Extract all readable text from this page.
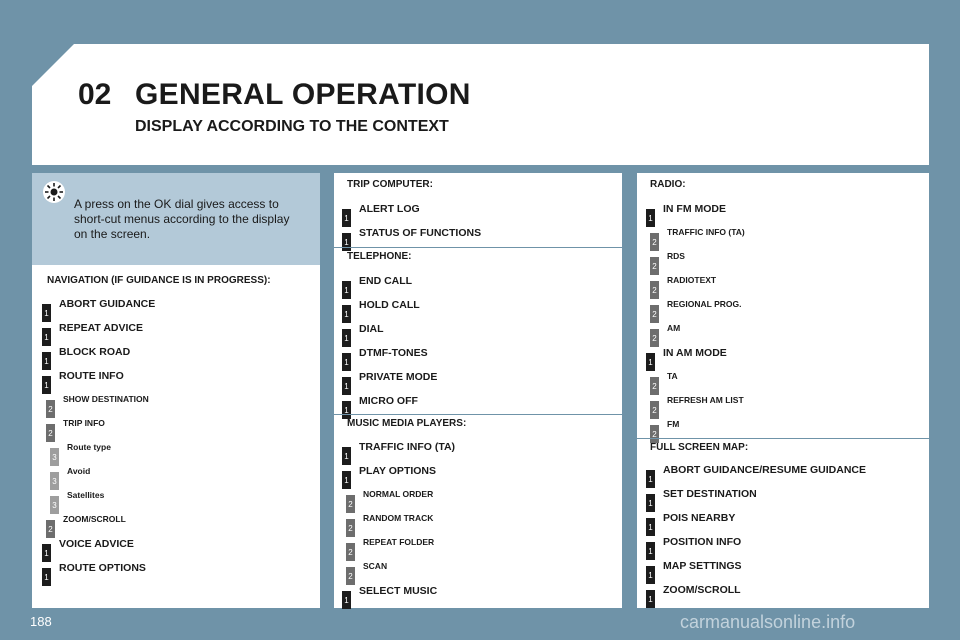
02 GENERAL OPERATION
DISPLAY ACCORDING TO THE CONTEXT
A press on the OK dial gives access to short-cut menus according to the display on the screen.
NAVIGATION (IF GUIDANCE IS IN PROGRESS):
1
ABORT GUIDANCE
1
REPEAT ADVICE
1
BLOCK ROAD
1
ROUTE INFO
2
SHOW DESTINATION
2
TRIP INFO
3
Route type
3
Avoid
3
Satellites
2
ZOOM/SCROLL
1
VOICE ADVICE
1
ROUTE OPTIONS
TRIP COMPUTER:
1
ALERT LOG
1
STATUS OF FUNCTIONS
TELEPHONE:
1
END CALL
1
HOLD CALL
1
DIAL
1
DTMF-TONES
1
PRIVATE MODE
1
MICRO OFF
MUSIC MEDIA PLAYERS:
1
TRAFFIC INFO (TA)
1
PLAY OPTIONS
2
NORMAL ORDER
2
RANDOM TRACK
2
REPEAT FOLDER
2
SCAN
1
SELECT MUSIC
RADIO:
1
IN FM MODE
2
TRAFFIC INFO (TA)
2
RDS
2
RADIOTEXT
2
REGIONAL PROG.
2
AM
1
IN AM MODE
2
TA
2
REFRESH AM LIST
2
FM
FULL SCREEN MAP:
1
ABORT GUIDANCE/RESUME GUIDANCE
1
SET DESTINATION
1
POIS NEARBY
1
POSITION INFO
1
MAP SETTINGS
1
ZOOM/SCROLL
188	carmanualsonline.info
